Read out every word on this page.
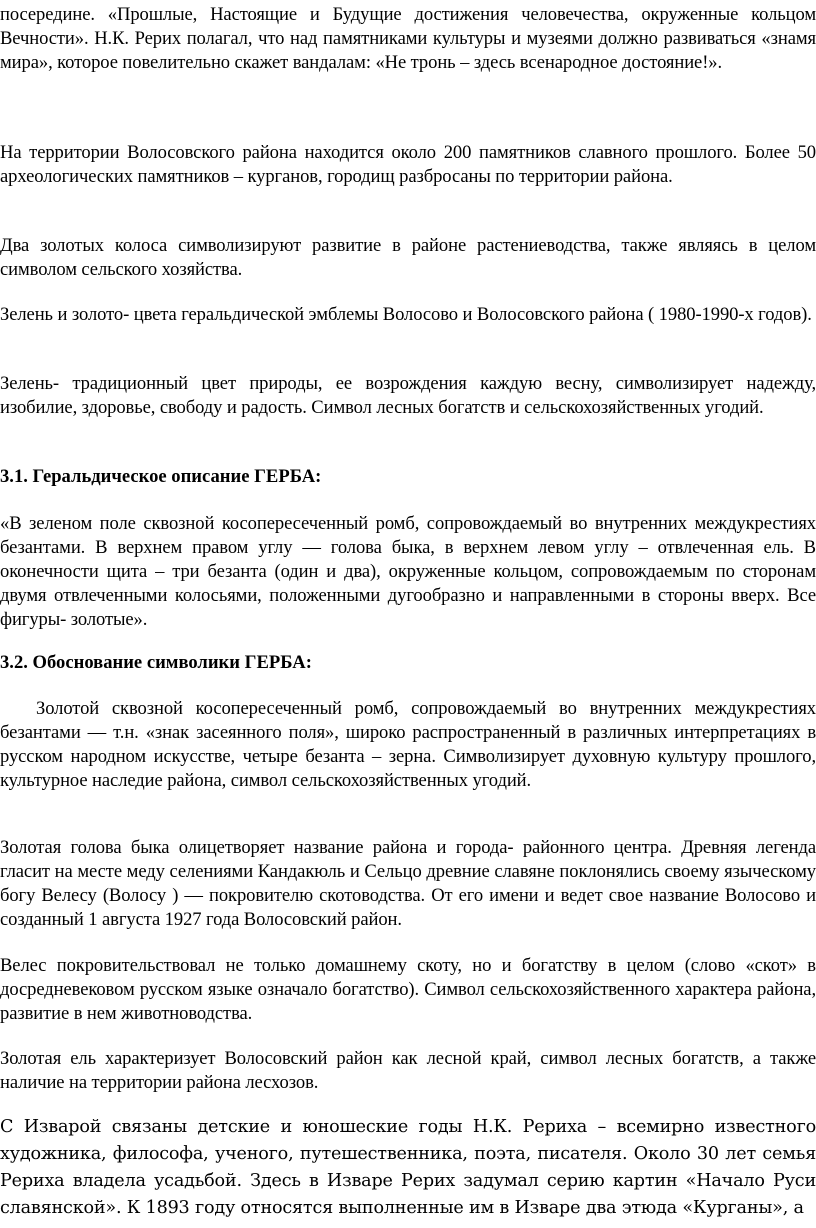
посередине. «Прошлые, Настоящие и Будущие достижения человечества, окруженные кольцом Вечности». Н.К. Рерих полагал, что над памятниками культуры и музеями должно развиваться «знамя мира», которое повелительно скажет вандалам: «Не тронь – здесь всенародное достояние!».

На территории Волосовского района находится около 200 памятников славного прошлого. Более 50 археологических памятников – курганов, городищ разбросаны по территории района.

Два золотых колоса символизируют развитие в районе растениеводства, также являясь в целом символом сельского хозяйства.

Зелень и золото- цвета геральдической эмблемы Волосово и Волосовского района ( 1980-1990-х годов).

Зелень- традиционный цвет природы, ее возрождения каждую весну, символизирует надежду, изобилие, здоровье, свободу и радость. Символ лесных богатств и сельскохозяйственных угодий.

3.1. Геральдическое описание ГЕРБА:

«В зеленом поле сквозной косопересеченный ромб, сопровождаемый во внутренних междукрестиях безантами. В верхнем правом углу — голова быка, в верхнем левом углу – отвлеченная ель. В оконечности щита – три безанта (один и два), окруженные кольцом, сопровождаемым по сторонам двумя отвлеченными колосьями, положенными дугообразно и направленными в стороны вверх. Все фигуры- золотые».

3.2. Обоснование символики ГЕРБА:

Золотой сквозной косопересеченный ромб, сопровождаемый во внутренних междукрестиях безантами — т.н. «знак засеянного поля», широко распространенный в различных интерпретациях в русском народном искусстве, четыре безанта – зерна. Символизирует духовную культуру прошлого, культурное наследие района, символ сельскохозяйственных угодий.

Золотая голова быка олицетворяет название района и города- районного центра. Древняя легенда гласит на месте меду селениями Кандакюль и Сельцо древние славяне поклонялись своему языческому богу Велесу (Волосу ) — покровителю скотоводства. От его имени и ведет свое название Волосово и созданный 1 августа 1927 года Волосовский район.

Велес покровительствовал не только домашнему скоту, но и богатству в целом (слово «скот» в досредневековом русском языке означало богатство). Символ сельскохозяйственного характера района, развитие в нем животноводства.

Золотая ель характеризует Волосовский район как лесной край, символ лесных богатств, а также наличие на территории района лесхозов.

С Изварой связаны детские и юношеские годы Н.К. Рериха – всемирно известного художника, философа, ученого, путешественника, поэта, писателя. Около 30 лет семья Рериха владела усадьбой. Здесь в Изваре Рерих задумал серию картин «Начало Руси славянской». К 1893 году относятся выполненные им в Изваре два этюда «Курганы», а
